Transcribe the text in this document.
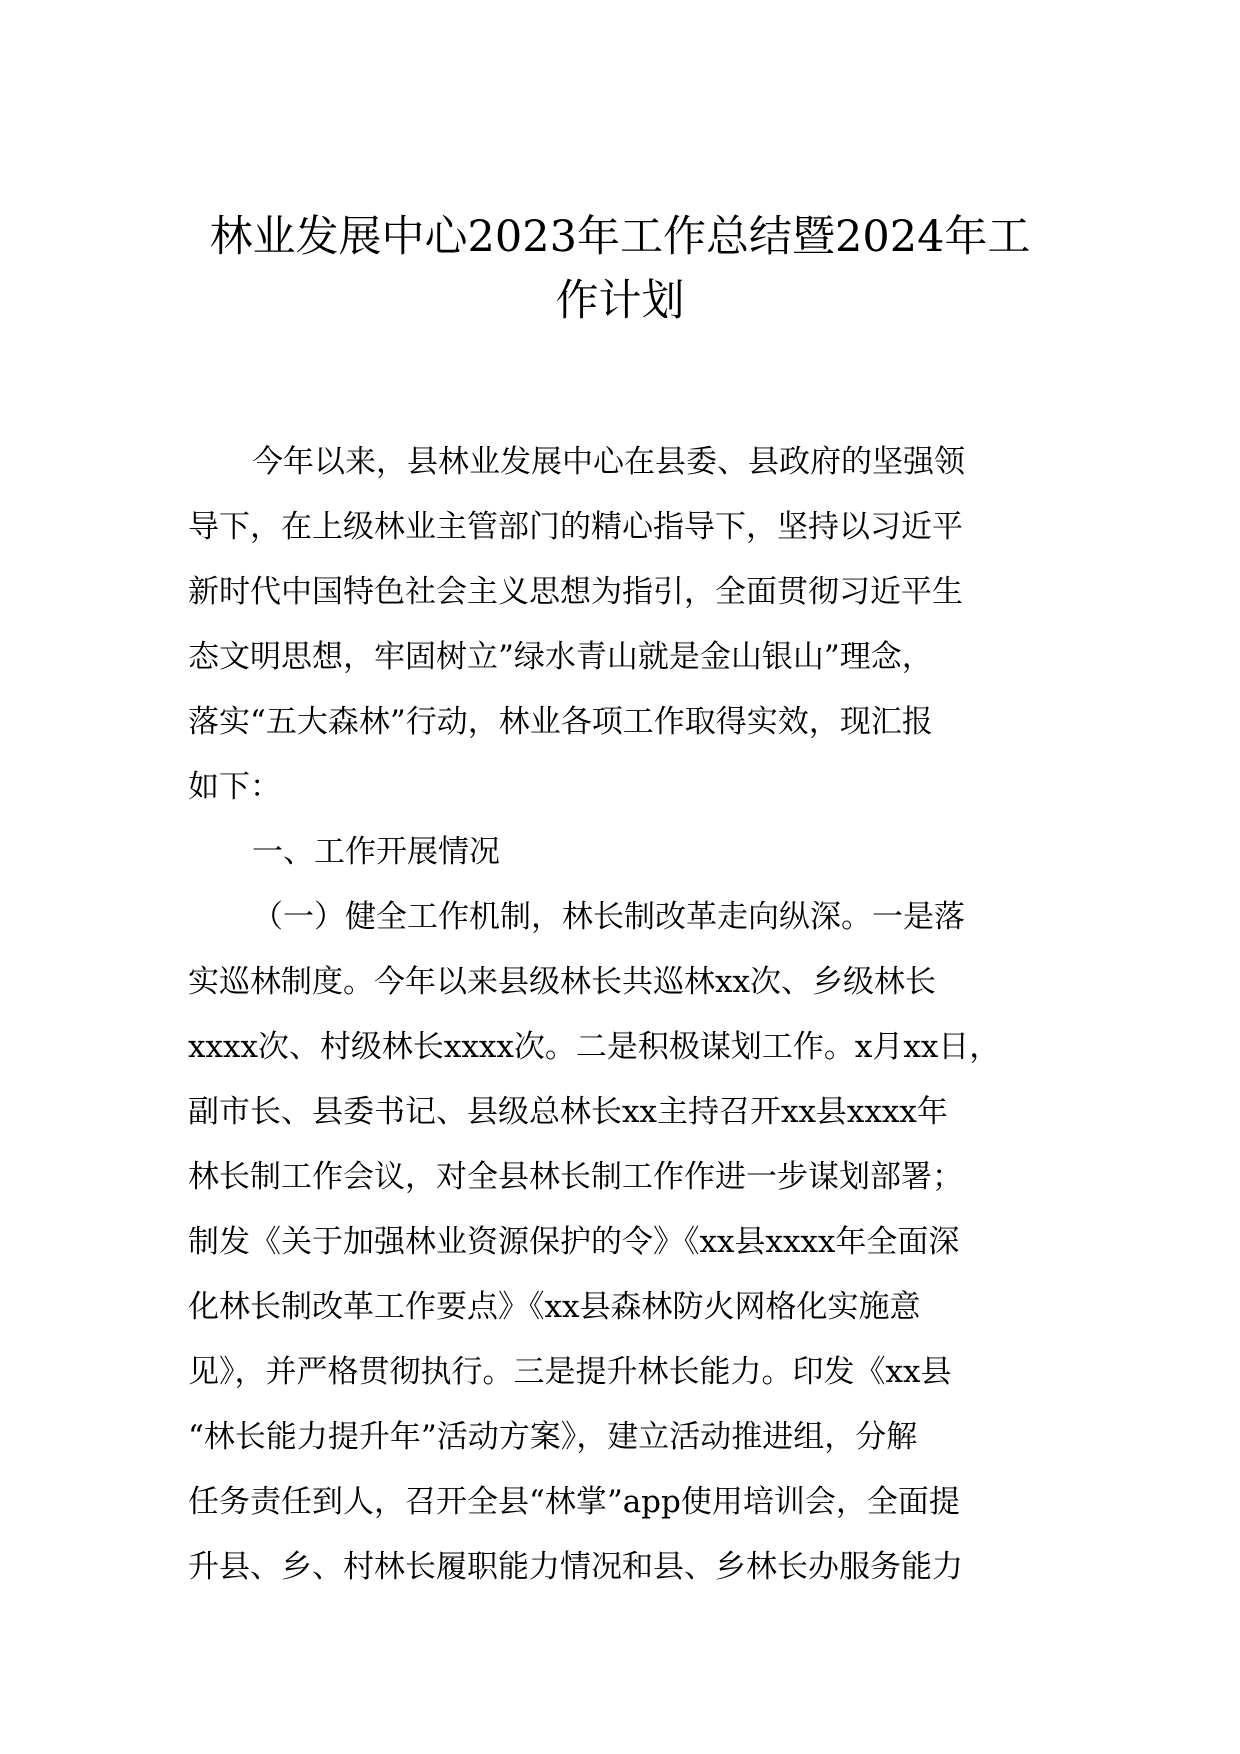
林业发展中心2023年工作总结暨2024年工
作计划
今年以来，县林业发展中心在县委、县政府的坚强领
导下，在上级林业主管部门的精心指导下，坚持以习近平
新时代中国特色社会主义思想为指引，全面贯彻习近平生
态文明思想，牢固树立”绿水青山就是金山银山”理念，
落实“五大森林”行动，林业各项工作取得实效，现汇报
如下：
一、工作开展情况
（一）健全工作机制，林长制改革走向纵深。一是落
实巡林制度。今年以来县级林长共巡林xx次、乡级林长
xxxx次、村级林长xxxx次。二是积极谋划工作。x月xx日，
副市长、县委书记、县级总林长xx主持召开xx县xxxx年
林长制工作会议，对全县林长制工作作进一步谋划部署；
制发《关于加强林业资源保护的令》《xx县xxxx年全面深
化林长制改革工作要点》《xx县森林防火网格化实施意
见》，并严格贯彻执行。三是提升林长能力。印发《xx县
“林长能力提升年”活动方案》，建立活动推进组，分解
任务责任到人，召开全县“林掌”app使用培训会，全面提
升县、乡、村林长履职能力情况和县、乡林长办服务能力
